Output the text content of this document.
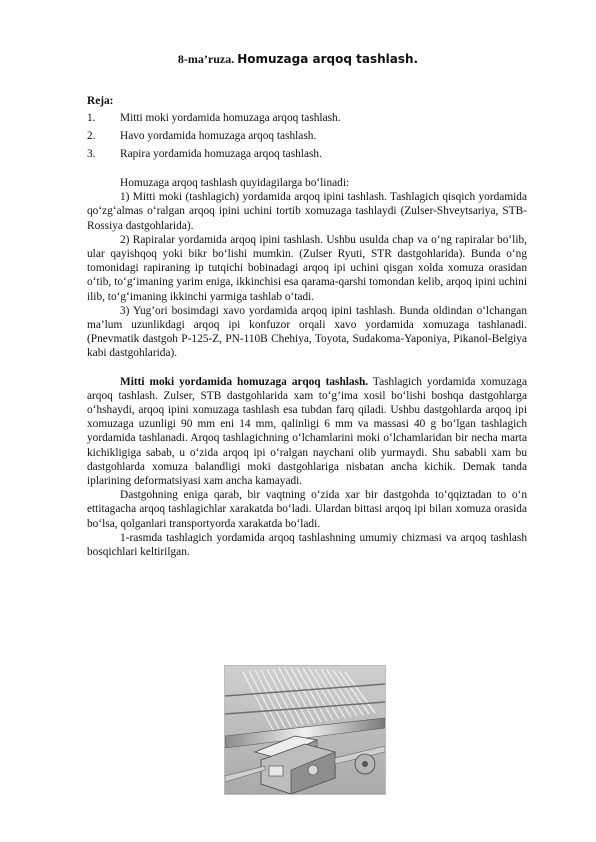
8-ma’ruza. Homuzaga arqoq tashlash.
Reja:
1.	Mitti moki yordamida homuzaga arqoq tashlash.
2.	Havo yordamida homuzaga arqoq tashlash.
3.	Rapira yordamida homuzaga arqoq tashlash.

Homuzaga arqoq tashlash quyidagilarga bo‘linadi:

1) Mitti moki (tashlagich) yordamida arqoq ipini tashlash. Tashlagich qisqich yordamida qo‘zg‘almas o‘ralgan arqoq ipini uchini tortib xomuzaga tashlaydi (Zulser-Shveytsariya, STB-Rossiya dastgohlarida).

2) Rapiralar yordamida arqoq ipini tashlash. Ushbu usulda chap va o‘ng rapiralar bo‘lib, ular qayishqoq yoki bikr bo‘lishi mumkin. (Zulser Ryuti, STR dastgohlarida). Bunda o‘ng tomonidagi rapiraning ip tutqichi bobinadagi arqoq ipi uchini qisgan xolda xomuza orasidan o‘tib, to‘g‘imaning yarim eniga, ikkinchisi esa qarama-qarshi tomondan kelib, arqoq ipini uchini ilib, to‘g‘imaning ikkinchi yarmiga tashlab o‘tadi.

3) Yug’ori bosimdagi xavo yordamida arqoq ipini tashlash. Bunda oldindan o‘lchangan ma’lum uzunlikdagi arqoq ipi konfuzor orqali xavo yordamida xomuzaga tashlanadi. (Pnevmatik dastgoh P-125-Z, PN-110B Chehiya, Toyota, Sudakoma-Yaponiya, Pikanol-Belgiya kabi dastgohlarida).

Mitti moki yordamida homuzaga arqoq tashlash. Tashlagich yordamida xomuzaga arqoq tashlash. Zulser, STB dastgohlarida xam to‘g’ima xosil bo‘lishi boshqa dastgohlarga o‘hshaydi, arqoq ipini xomuzaga tashlash esa tubdan farq qiladi. Ushbu dastgohlarda arqoq ipi xomuzaga uzunligi 90 mm eni 14 mm, qalinligi 6 mm va massasi 40 g bo‘lgan tashlagich yordamida tashlanadi. Arqoq tashlagichning o‘lchamlarini moki o‘lchamlaridan bir necha marta kichikligiga sabab, u o‘zida arqoq ipi o‘ralgan naychani olib yurmaydi. Shu sababli xam bu dastgohlarda xomuza balandligi moki dastgohlariga nisbatan ancha kichik. Demak tanda iplarining deformatsiyasi xam ancha kamayadi.

Dastgohning eniga qarab, bir vaqtning o‘zida xar bir dastgohda to‘qqiztadan to o‘n ettitagacha arqoq tashlagichlar xarakatda bo‘ladi. Ulardan bittasi arqoq ipi bilan xomuza orasida bo‘lsa, qolganlari transportyorda xarakatda bo‘ladi.

1-rasmda tashlagich yordamida arqoq tashlashning umumiy chizmasi va arqoq tashlash bosqichlari keltirilgan.
